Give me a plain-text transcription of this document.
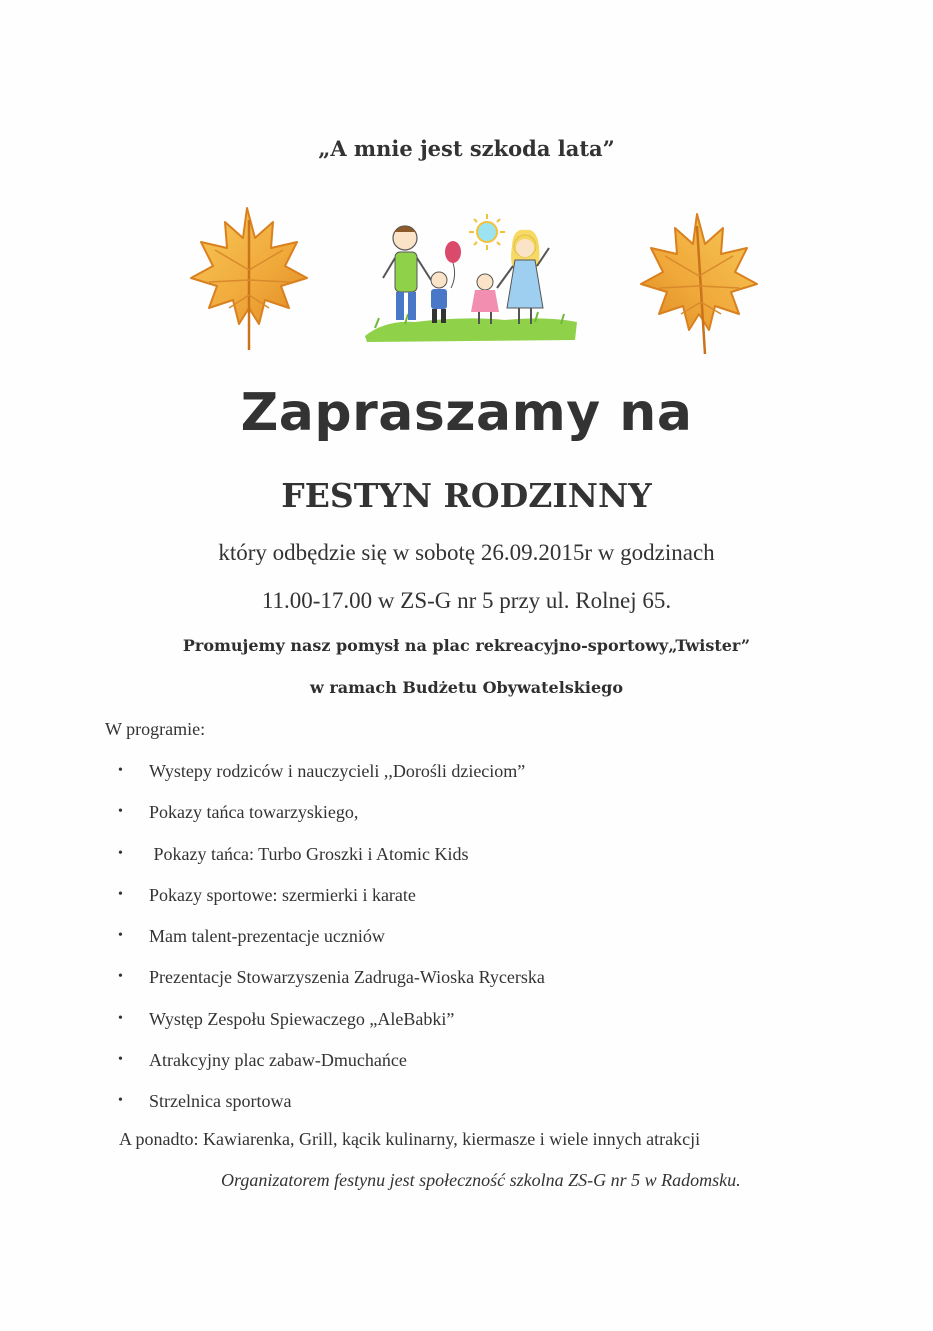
„A mnie jest szkoda lata”
Zapraszamy na
FESTYN RODZINNY
który odbędzie się w sobotę 26.09.2015r w godzinach
11.00-17.00 w ZS-G nr 5 przy ul. Rolnej 65.
Promujemy nasz pomysł na plac rekreacyjno-sportowy„Twister”
w ramach Budżetu Obywatelskiego
W programie:
•	Wystepy rodziców i nauczycieli ,,Dorośli dzieciom”
•	Pokazy tańca towarzyskiego,
•	Pokazy tańca: Turbo Groszki i Atomic Kids
•	Pokazy sportowe: szermierki i karate
•	Mam talent-prezentacje uczniów
•	Prezentacje Stowarzyszenia Zadruga-Wioska Rycerska
•	Występ Zespołu Spiewaczego „AleBabki”
•	Atrakcyjny plac zabaw-Dmuchańce
•	Strzelnica sportowa
A ponadto: Kawiarenka, Grill, kącik kulinarny, kiermasze i wiele innych atrakcji
Organizatorem festynu jest społeczność szkolna ZS-G nr 5 w Radomsku.
